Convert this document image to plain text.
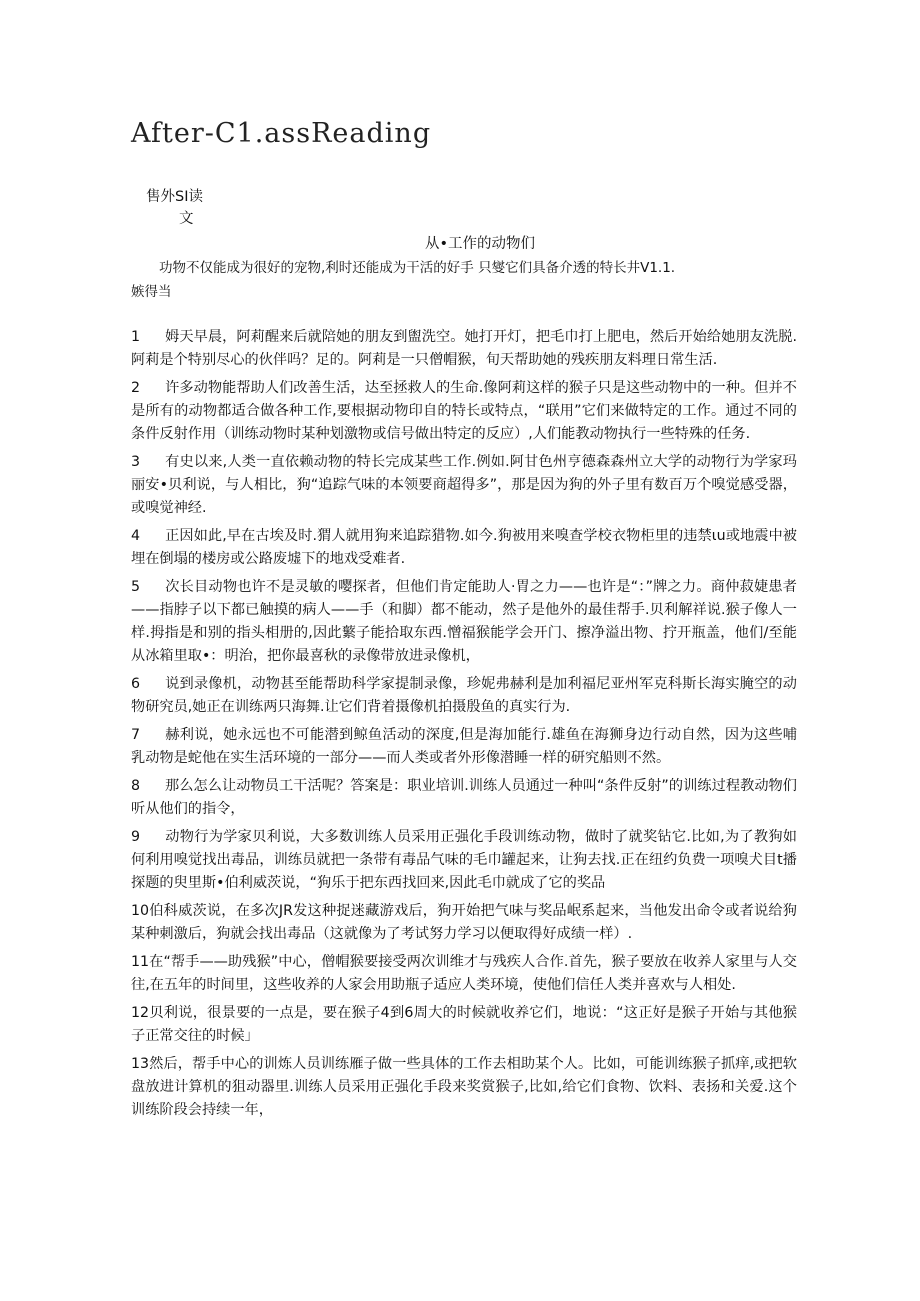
After-C1.assReading
售外SI读
文
从•工作的动物们
功物不仅能成为很好的宠物,利时还能成为干活的好手 只燮它们具备介透的特长井V1.1.
嫉得当

1 姆天早晨，阿莉醒来后就陪她的朋友到盥洗空。她打开灯，把毛巾打上肥电，然后开始给她朋友洗脱.阿莉是个特别尽心的伙伴吗？足的。阿莉是一只僧帽猴，旬天帮助她的残疾朋友料理日常生活.

2 许多动物能帮助人们改善生活，达至拯救人的生命.像阿莉这样的猴子只是这些动物中的一种。但并不是所有的动物都适合做各种工作,要根据动物印自的特长或特点，“联用”它们来做特定的工作。通过不同的条件反射作用（训练动物时某种划激物或信号做出特定的反应）,人们能教动物执行一些特殊的任务.

3 有史以来,人类一直依赖动物的特长完成某些工作.例如.阿甘色州亨德森森州立大学的动物行为学家玛丽安•贝利说，与人相比，狗“追踪气味的本领要商超得多”，那是因为狗的外子里有数百万个嗅觉感受器，或嗅觉神经.

4 正因如此,早在古埃及时.猬人就用狗来追踪猎物.如今.狗被用来嗅查学校衣物柜里的违禁ιu或地震中被埋在倒塌的楼房或公路废墟下的地戏受难者.

5 次长目动物也许不是灵敏的嘤探者，但他们肯定能助人·胃之力——也许是“：”牌之力。商仲菽婕患者——指脖子以下都已触摸的病人——手（和脚）都不能动，然子是他外的最佳帮手.贝利解祥说.猴子像人一样.拇指是和别的指头相册的,因此蘩子能拾取东西.憎福猴能学会开门、擦净溢出物、拧开瓶盖，他们/至能从冰箱里取•：明治，把你最喜秋的录像带放进录像机，

6 说到录像机，动物甚至能帮助科学家提制录像，珍妮弗赫利是加利福尼亚州军克科斯长海实腌空的动物研究员,她正在训练两只海舞.让它们背着摄像机拍摄殷鱼的真实行为.

7 赫利说，她永远也不可能潜到鲸鱼活动的深度,但是海加能行.雄鱼在海狮身边行动自然，因为这些哺乳动物是蛇他在实生活环境的一部分——而人类或者外形像潜睡一样的研究船则不然。

8 那么怎么让动物员工干活呢？答案是：职业培训.训练人员通过一种叫“条件反射”的训练过程教动物们听从他们的指令，

9 动物行为学家贝利说，大多数训练人员采用正强化手段训练动物，做时了就奖钻它.比如,为了教狗如何利用嗅觉找出毒品，训练员就把一条带有毒品气味的毛巾罐起来，让狗去找.正在纽约负费一项嗅犬目t播探题的臾里斯•伯利威茨说，“狗乐于把东西找回来,因此毛巾就成了它的奖品

10伯科威茨说，在多次JR发这种捉迷藏游戏后，狗开始把气味与奖品岷系起来，当他发出命令或者说给狗某种刺激后，狗就会找出毒品（这就像为了考试努力学习以便取得好成绩一样）.

11在“帮手——助残猴”中心，僧帽猴要接受两次训维才与残疾人合作.首先，猴子要放在收养人家里与人交往,在五年的时间里，这些收养的人家会用助瓶子适应人类环境，使他们信任人类并喜欢与人相处.

12贝利说，很景要的一点是，要在猴子4到6周大的时候就收养它们，地说：“这正好是猴子开始与其他猴子正常交往的时候」

13然后，帮手中心的训炼人员训练雁子做一些具体的工作去相助某个人。比如，可能训练猴子抓痒,或把软盘放进计算机的狙动器里.训练人员采用正强化手段来奖赏猴子,比如,给它们食物、饮料、表扬和关爱.这个训练阶段会持续一年，
